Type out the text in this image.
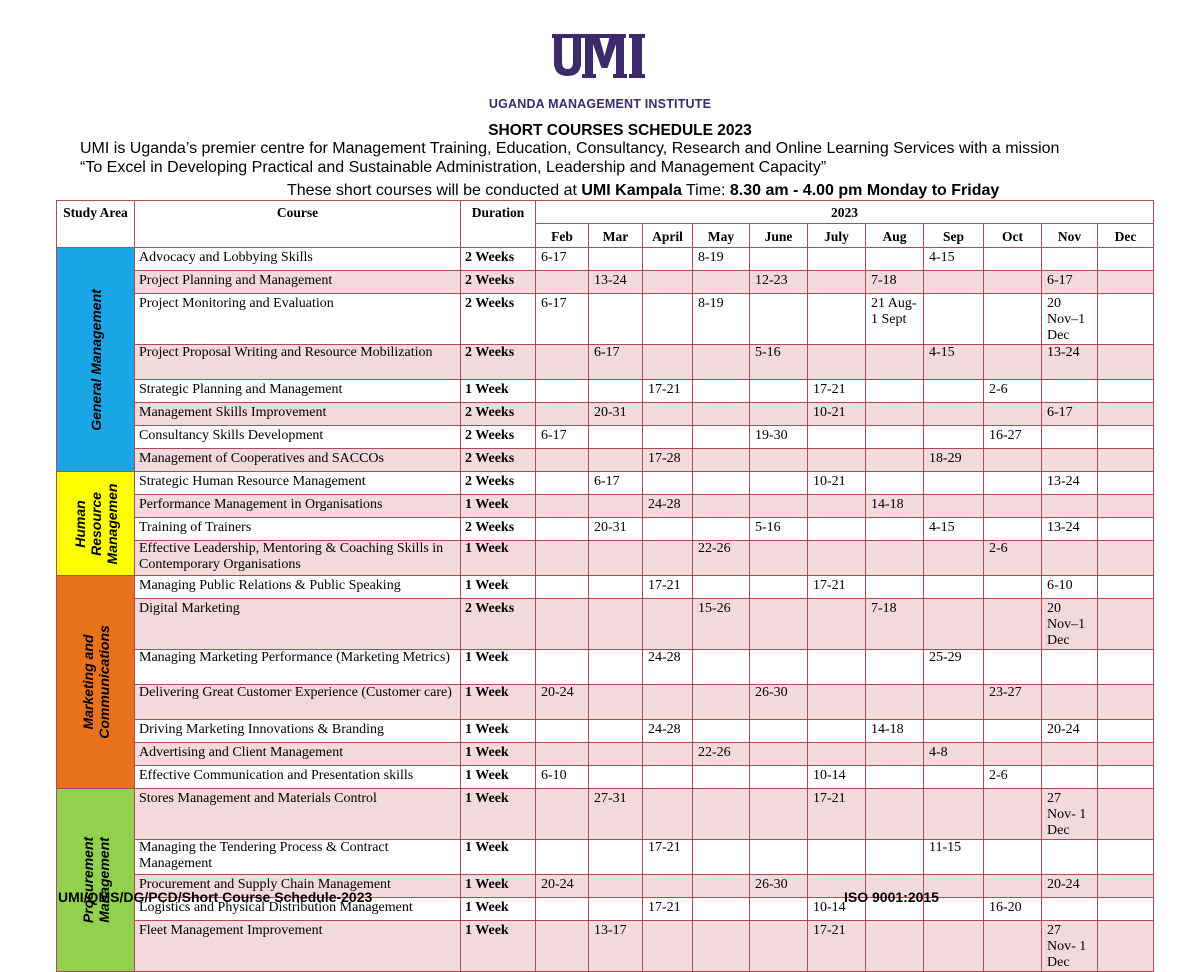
UGANDA MANAGEMENT INSTITUTE
SHORT COURSES SCHEDULE 2023
UMI is Uganda’s premier centre for Management Training, Education, Consultancy, Research and Online Learning Services with a mission
“To Excel in Developing Practical and Sustainable Administration, Leadership and Management Capacity”
These short courses will be conducted at UMI Kampala Time: 8.30 am - 4.00 pm Monday to Friday
Study Area	Course	Duration	2023										
			Feb	Mar	April	May	June	July	Aug	Sep	Oct	Nov	Dec

General Management	Advocacy and Lobbying Skills	2 Weeks	6-17			8-19				4-15			
	Project Planning and Management	2 Weeks		13-24			12-23		7-18			6-17	
	Project Monitoring and Evaluation	2 Weeks	6-17			8-19			21 Aug-1 Sept			20 Nov–1 Dec	
	Project Proposal Writing and Resource Mobilization	2 Weeks		6-17			5-16			4-15		13-24	
	Strategic Planning and Management	1 Week			17-21			17-21			2-6		
	Management Skills Improvement	2 Weeks		20-31				10-21				6-17	
	Consultancy Skills Development	2 Weeks	6-17				19-30				16-27		
	Management of Cooperatives and SACCOs	2 Weeks			17-28					18-29			

Human
Resource
Managemen	Strategic Human Resource Management	2 Weeks		6-17				10-21				13-24	
	Performance Management in Organisations	1 Week			24-28				14-18				
	Training of Trainers	2 Weeks		20-31			5-16			4-15		13-24	
	Effective Leadership, Mentoring & Coaching Skills in Contemporary Organisations	1 Week				22-26					2-6		

Marketing and
Communications	Managing Public Relations & Public Speaking	1 Week			17-21			17-21				6-10	
	Digital Marketing	2 Weeks				15-26			7-18			20 Nov–1 Dec	
	Managing Marketing Performance (Marketing Metrics)	1 Week			24-28					25-29			
	Delivering Great Customer Experience (Customer care)	1 Week	20-24				26-30				23-27		
	Driving Marketing Innovations & Branding	1 Week			24-28				14-18			20-24	
	Advertising and Client Management	1 Week				22-26				4-8			
	Effective Communication and Presentation skills	1 Week	6-10					10-14			2-6		

Procurement
Management	Stores Management and Materials Control	1 Week		27-31				17-21				27 Nov- 1 Dec	
	Managing the Tendering Process & Contract Management	1 Week			17-21					11-15			
	Procurement and Supply Chain Management	1 Week	20-24				26-30					20-24	
	Logistics and Physical Distribution Management	1 Week			17-21			10-14			16-20		
	Fleet Management Improvement	1 Week		13-17				17-21				27 Nov- 1 Dec	
UMI/QMS/DG/PCD/Short Course Schedule-2023	ISO 9001:2015
